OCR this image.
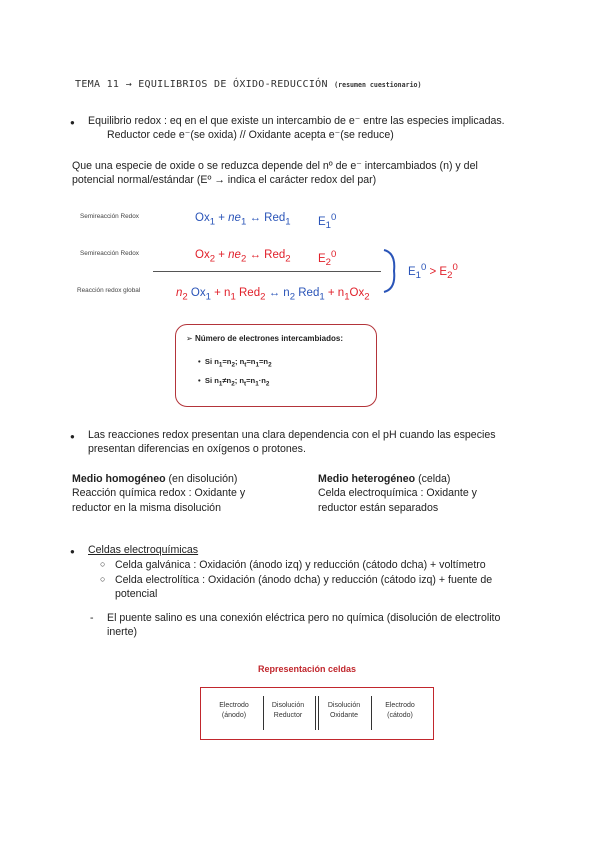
TEMA 11 → EQUILIBRIOS DE ÓXIDO-REDUCCIÓN (resumen cuestionario)
● Equilibrio redox : eq en el que existe un intercambio de e⁻ entre las especies implicadas.
Reductor cede e⁻(se oxida) // Oxidante acepta e⁻(se reduce)
Que una especie de oxide o se reduzca depende del nº de e⁻ intercambiados (n) y del
potencial normal/estándar (Eº → indica el carácter redox del par)
Semireacción Redox
Semireacción Redox
Reacción redox global
$Ox_1 + ne_1$ ↔ Red$_1$ $E_1^0$
$Ox_2 + ne_2$ ↔ Red$_2$ $E_2^0$
$E_1^0 > E_2^0$
$n_2$ $Ox_1 + n_1$ Red$_2$ ↔ $n_2$ $Red_1 + n_1Ox_2$
➢ Número de electrones intercambiados:
• Si $n_1=n_2$; $n_t=n_1=n_2$
• Si $n_1\ne n_2$; $n_t=n_1\cdot n_2$
● Las reacciones redox presentan una clara dependencia con el pH cuando las especies
presentan diferencias en oxígenos o protones.
Medio homogéneo (en disolución)
Reacción química redox : Oxidante y
reductor en la misma disolución
Medio heterogéneo (celda)
Celda electroquímica : Oxidante y
reductor están separados
● Celdas electroquímicas
○ Celda galvánica : Oxidación (ánodo izq) y reducción (cátodo dcha) + voltímetro
○ Celda electrolítica : Oxidación (ánodo dcha) y reducción (cátodo izq) + fuente de
potencial
- El puente salino es una conexión eléctrica pero no química (disolución de electrolito
inerte)
Representación celdas
Electrodo
(ánodo)
Disolución
Reductor
Disolución
Oxidante
Electrodo
(cátodo)
